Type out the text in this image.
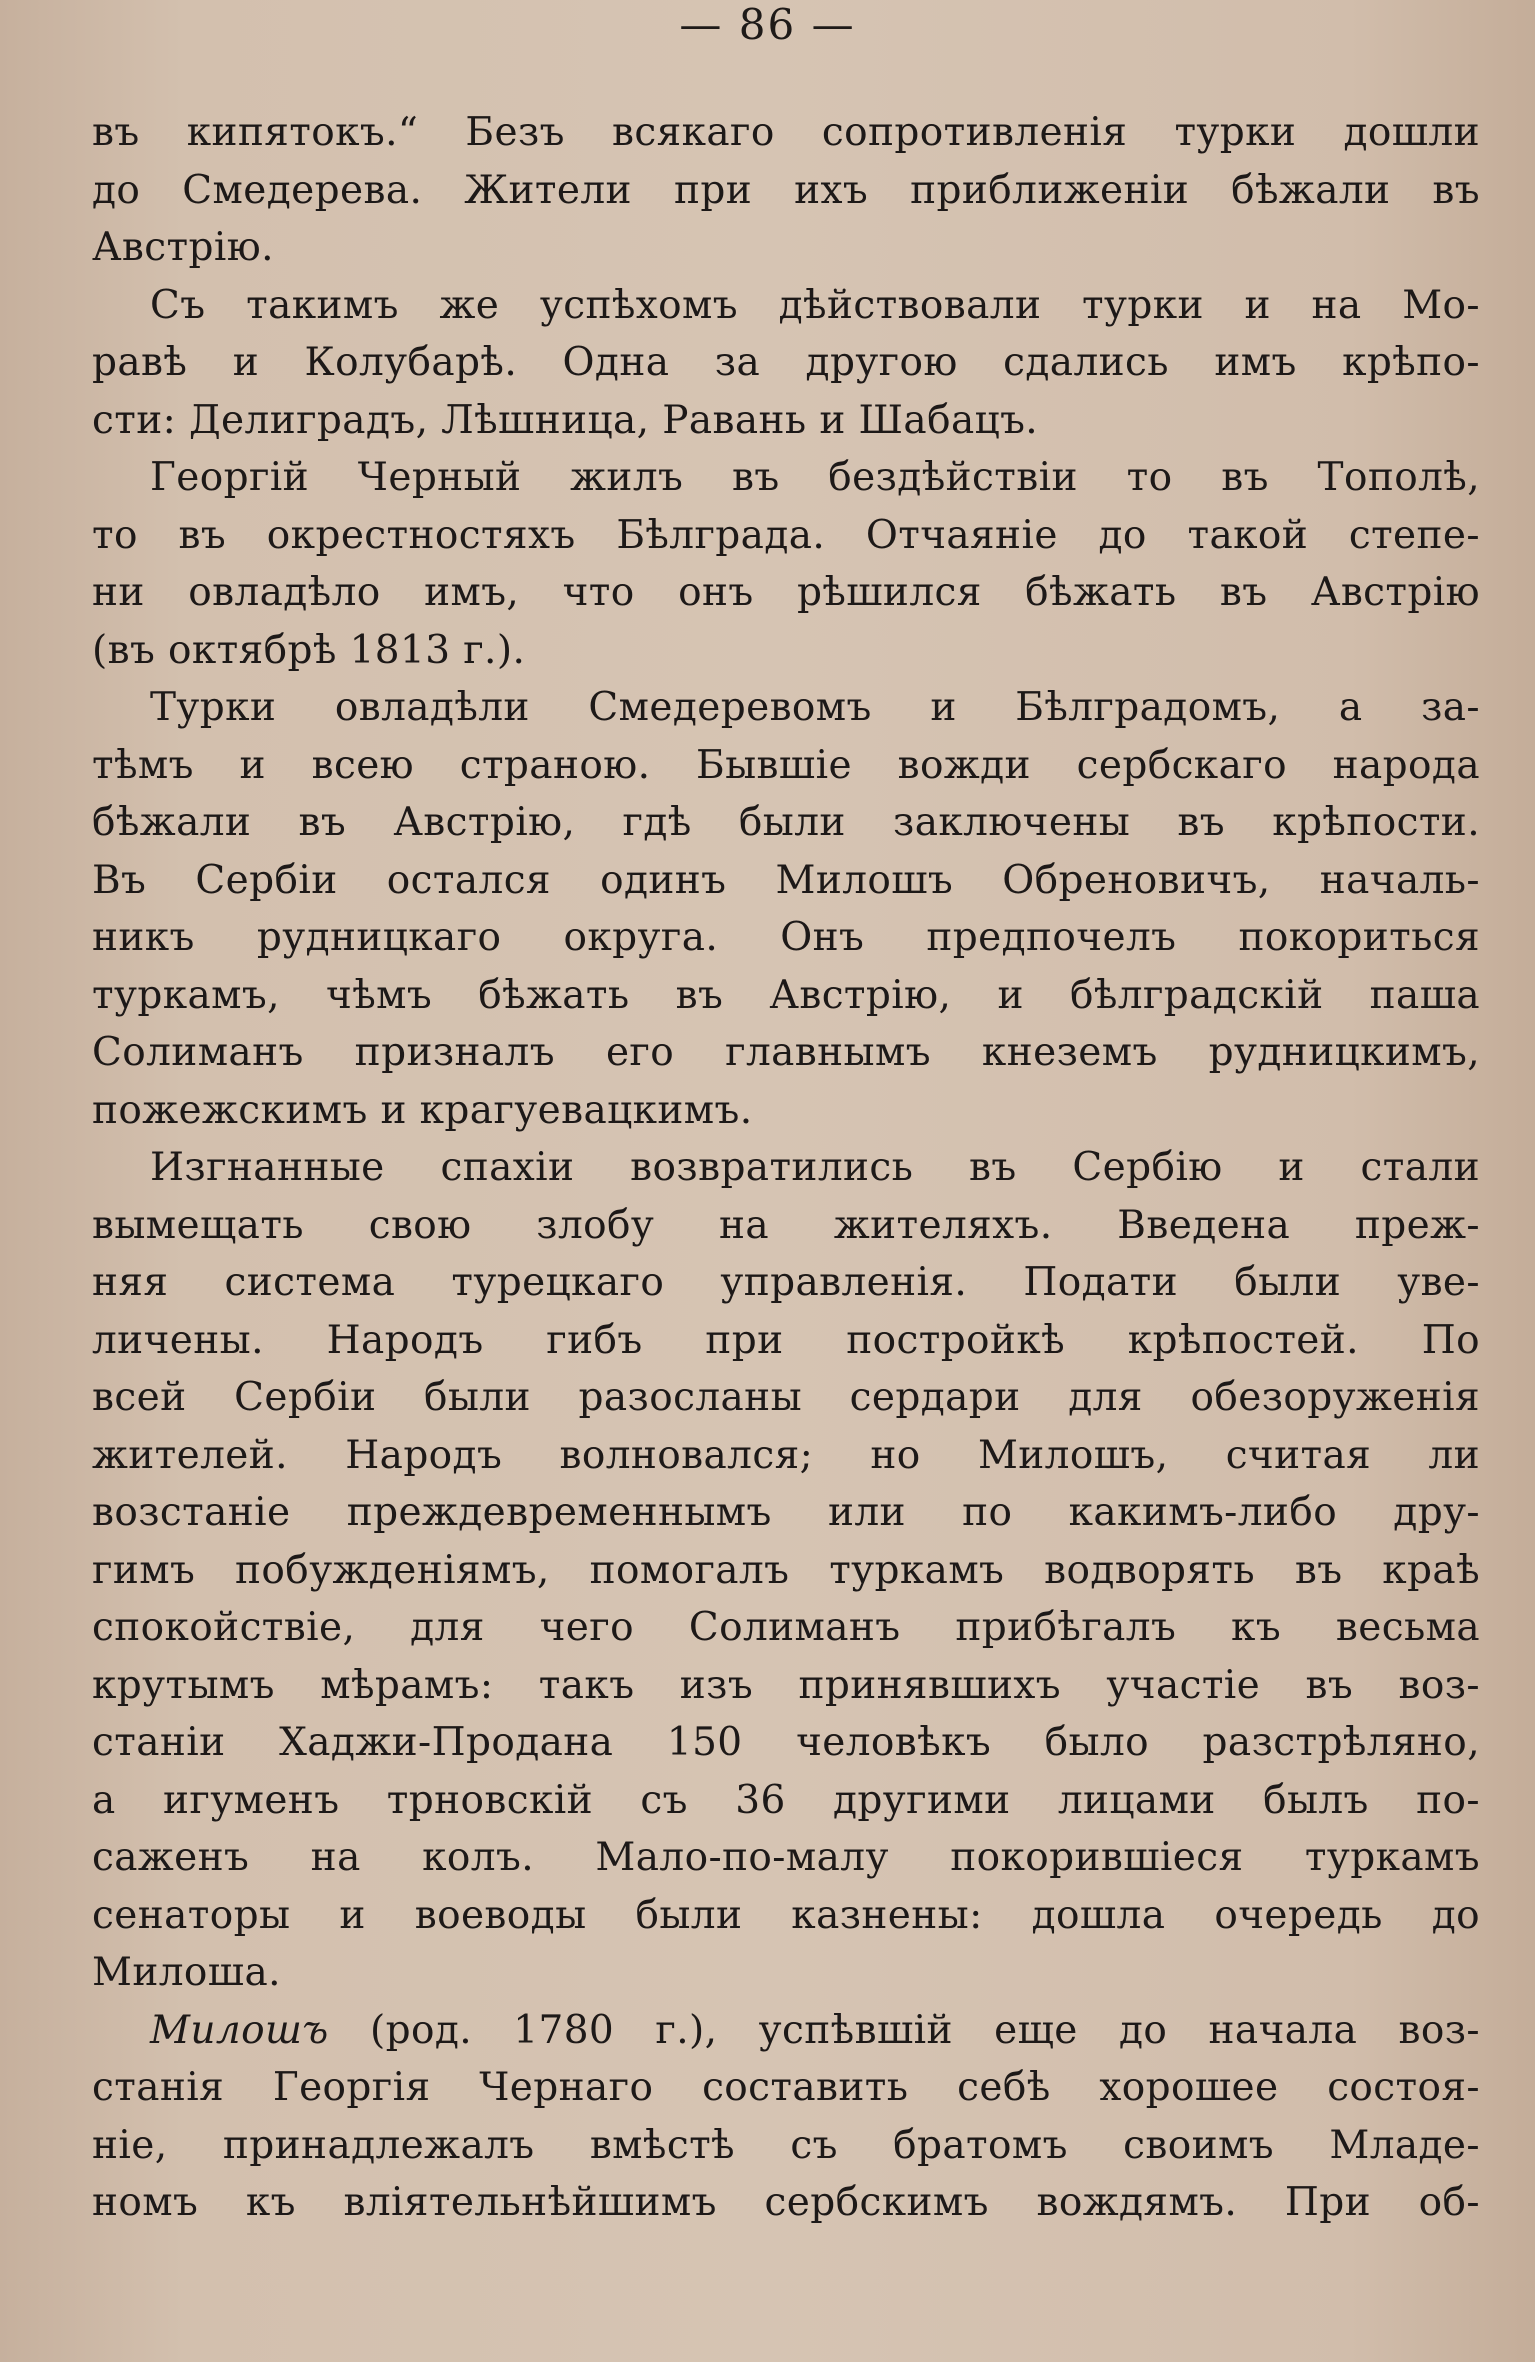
— 86 —

въ кипятокъ.“ Безъ всякаго сопротивленія турки дошли
до Смедерева. Жители при ихъ приближеніи бѣжали въ
Австрію.

Съ такимъ же успѣхомъ дѣйствовали турки и на Мо-
равѣ и Колубарѣ. Одна за другою сдались имъ крѣпо-
сти: Делиградъ, Лѣшница, Равань и Шабацъ.

Георгій Черный жилъ въ бездѣйствіи то въ Тополѣ,
то въ окрестностяхъ Бѣлграда. Отчаяніе до такой степе-
ни овладѣло имъ, что онъ рѣшился бѣжать въ Австрію
(въ октябрѣ 1813 г.).

Турки овладѣли Смедеревомъ и Бѣлградомъ, а за-
тѣмъ и всею страною. Бывшіе вожди сербскаго народа
бѣжали въ Австрію, гдѣ были заключены въ крѣпости.
Въ Сербіи остался одинъ Милошъ Обреновичъ, началь-
никъ рудницкаго округа. Онъ предпочелъ покориться
туркамъ, чѣмъ бѣжать въ Австрію, и бѣлградскій паша
Солиманъ призналъ его главнымъ кнеземъ рудницкимъ,
пожежскимъ и крагуевацкимъ.

Изгнанные спахіи возвратились въ Сербію и стали
вымещать свою злобу на жителяхъ. Введена преж-
няя система турецкаго управленія. Подати были уве-
личены. Народъ гибъ при постройкѣ крѣпостей. По
всей Сербіи были разосланы сердари для обезоруженія
жителей. Народъ волновался; но Милошъ, считая ли
возстаніе преждевременнымъ или по какимъ-либо дру-
гимъ побужденіямъ, помогалъ туркамъ водворять въ краѣ
спокойствіе, для чего Солиманъ прибѣгалъ къ весьма
крутымъ мѣрамъ: такъ изъ принявшихъ участіе въ воз-
станіи Хаджи-Продана 150 человѣкъ было разстрѣляно,
а игуменъ трновскій съ 36 другими лицами былъ по-
саженъ на колъ. Мало-по-малу покорившіеся туркамъ
сенаторы и воеводы были казнены: дошла очередь до
Милоша.

Милошъ (род. 1780 г.), успѣвшій еще до начала воз-
станія Георгія Чернаго составить себѣ хорошее состоя-
ніе, принадлежалъ вмѣстѣ съ братомъ своимъ Младе-
номъ къ вліятельнѣйшимъ сербскимъ вождямъ. При об-
